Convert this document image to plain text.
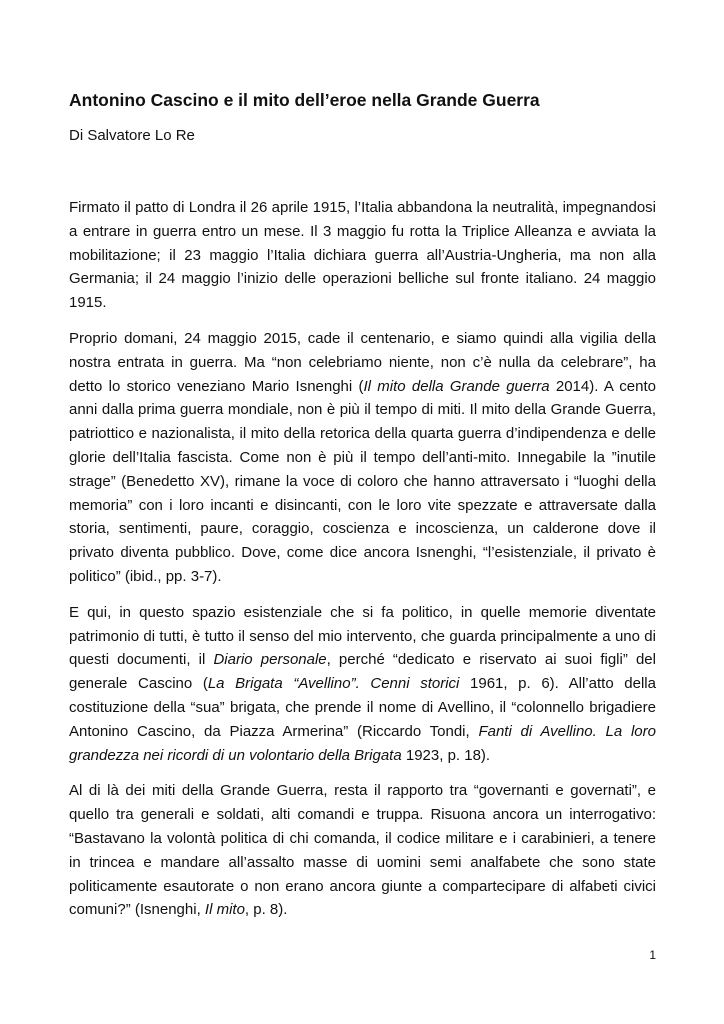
Antonino Cascino e il mito dell’eroe nella Grande Guerra
Di Salvatore Lo Re

Firmato il patto di Londra il 26 aprile 1915, l’Italia abbandona la neutralità, impegnandosi a entrare in guerra entro un mese. Il 3 maggio fu rotta la Triplice Alleanza e avviata la mobilitazione; il 23 maggio l’Italia dichiara guerra all’Austria-Ungheria, ma non alla Germania; il 24 maggio l’inizio delle operazioni belliche sul fronte italiano. 24 maggio 1915.

Proprio domani, 24 maggio 2015, cade il centenario, e siamo quindi alla vigilia della nostra entrata in guerra. Ma “non celebriamo niente, non c’è nulla da celebrare”, ha detto lo storico veneziano Mario Isnenghi (Il mito della Grande guerra 2014). A cento anni dalla prima guerra mondiale, non è più il tempo di miti. Il mito della Grande Guerra, patriottico e nazionalista, il mito della retorica della quarta guerra d’indipendenza e delle glorie dell’Italia fascista. Come non è più il tempo dell’anti-mito. Innegabile la ”inutile strage” (Benedetto XV), rimane la voce di coloro che hanno attraversato i “luoghi della memoria” con i loro incanti e disincanti, con le loro vite spezzate e attraversate dalla storia, sentimenti, paure, coraggio, coscienza e incoscienza, un calderone dove il privato diventa pubblico. Dove, come dice ancora Isnenghi, “l’esistenziale, il privato è politico” (ibid., pp. 3-7).

E qui, in questo spazio esistenziale che si fa politico, in quelle memorie diventate patrimonio di tutti, è tutto il senso del mio intervento, che guarda principalmente a uno di questi documenti, il Diario personale, perché “dedicato e riservato ai suoi figli” del generale Cascino (La Brigata “Avellino”. Cenni storici 1961, p. 6). All’atto della costituzione della “sua” brigata, che prende il nome di Avellino, il “colonnello brigadiere Antonino Cascino, da Piazza Armerina” (Riccardo Tondi, Fanti di Avellino. La loro grandezza nei ricordi di un volontario della Brigata 1923, p. 18).

Al di là dei miti della Grande Guerra, resta il rapporto tra “governanti e governati”, e quello tra generali e soldati, alti comandi e truppa. Risuona ancora un interrogativo: “Bastavano la volontà politica di chi comanda, il codice militare e i carabinieri, a tenere in trincea e mandare all’assalto masse di uomini semi analfabete che sono state politicamente esautorate o non erano ancora giunte a compartecipare di alfabeti civici comuni?” (Isnenghi, Il mito, p. 8).

1
